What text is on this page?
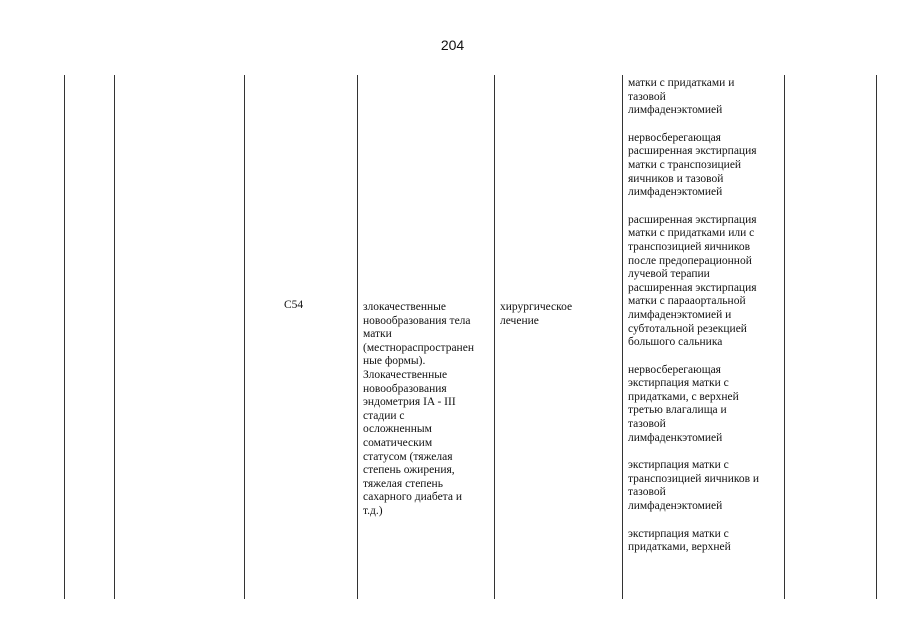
204
C54	злокачественные
новообразования тела
матки
(местнораспространен
ные формы).
Злокачественные
новообразования
эндометрия IA - III
стадии с
осложненным
соматическим
статусом (тяжелая
степень ожирения,
тяжелая степень
сахарного диабета и
т.д.)
хирургическое
лечение
матки с придатками и
тазовой
лимфаденэктомией
нервосберегающая
расширенная экстирпация
матки с транспозицией
яичников и тазовой
лимфаденэктомией
расширенная экстирпация
матки с придатками или с
транспозицией яичников
после предоперационной
лучевой терапии
расширенная экстирпация
матки с парааортальной
лимфаденэктомией и
субтотальной резекцией
большого сальника
нервосберегающая
экстирпация матки с
придатками, с верхней
третью влагалища и
тазовой
лимфаденкэтомией
экстирпация матки с
транспозицией яичников и
тазовой
лимфаденэктомией
экстирпация матки с
придатками, верхней
